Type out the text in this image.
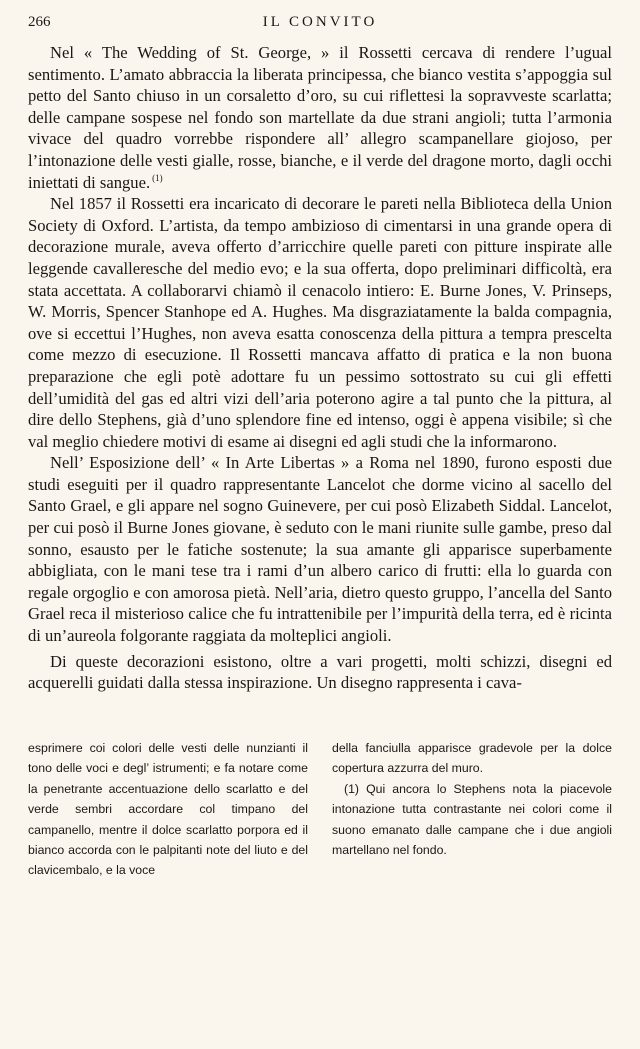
266	IL CONVITO

Nel « The Wedding of St. George, » il Rossetti cercava di rendere l’ugual sentimento. L’amato abbraccia la liberata principessa, che bianco vestita s’appoggia sul petto del Santo chiuso in un corsaletto d’oro, su cui riflettesi la sopravveste scarlatta; delle campane sospese nel fondo son martellate da due strani angioli; tutta l’armonia vivace del quadro vorrebbe rispondere all’ allegro scampanellare giojoso, per l’intonazione delle vesti gialle, rosse, bianche, e il verde del dragone morto, dagli occhi iniettati di sangue. $^{(1)}$

Nel 1857 il Rossetti era incaricato di decorare le pareti nella Biblioteca della Union Society di Oxford. L’artista, da tempo ambizioso di cimentarsi in una grande opera di decorazione murale, aveva offerto d’arricchire quelle pareti con pitture inspirate alle leggende cavalleresche del medio evo; e la sua offerta, dopo preliminari difficoltà, era stata accettata. A collaborarvi chiamò il cenacolo intiero: E. Burne Jones, V. Prinseps, W. Morris, Spencer Stanhope ed A. Hughes. Ma disgraziatamente la balda compagnia, ove si eccettui l’Hughes, non aveva esatta conoscenza della pittura a tempra prescelta come mezzo di esecuzione. Il Rossetti mancava affatto di pratica e la non buona preparazione che egli potè adottare fu un pessimo sottostrato su cui gli effetti dell’umidità del gas ed altri vizi dell’aria poterono agire a tal punto che la pittura, al dire dello Stephens, già d’uno splendore fine ed intenso, oggi è appena visibile; sì che val meglio chiedere motivi di esame ai disegni ed agli studi che la informarono.

Nell’ Esposizione dell’ « In Arte Libertas » a Roma nel 1890, furono esposti due studi eseguiti per il quadro rappresentante Lancelot che dorme vicino al sacello del Santo Grael, e gli appare nel sogno Guinevere, per cui posò Elizabeth Siddal. Lancelot, per cui posò il Burne Jones giovane, è seduto con le mani riunite sulle gambe, preso dal sonno, esausto per le fatiche sostenute; la sua amante gli apparisce superbamente abbigliata, con le mani tese tra i rami d’un albero carico di frutti: ella lo guarda con regale orgoglio e con amorosa pietà. Nell’aria, dietro questo gruppo, l’ancella del Santo Grael reca il misterioso calice che fu intrattenibile per l’impurità della terra, ed è ricinta di un’aureola folgorante raggiata da molteplici angioli.

Di queste decorazioni esistono, oltre a vari progetti, molti schizzi, disegni ed acquerelli guidati dalla stessa inspirazione. Un disegno rappresenta i cava-

esprimere coi colori delle vesti delle nunzianti il tono delle voci e degl’ istrumenti; e fa notare come la penetrante accentuazione dello scarlatto e del verde sembri accordare col timpano del campanello, mentre il dolce scarlatto porpora ed il bianco accorda con le palpitanti note del liuto e del clavicembalo, e la voce

della fanciulla apparisce gradevole per la dolce copertura azzurra del muro.

(1) Qui ancora lo Stephens nota la piacevole intonazione tutta contrastante nei colori come il suono emanato dalle campane che i due angioli martellano nel fondo.
